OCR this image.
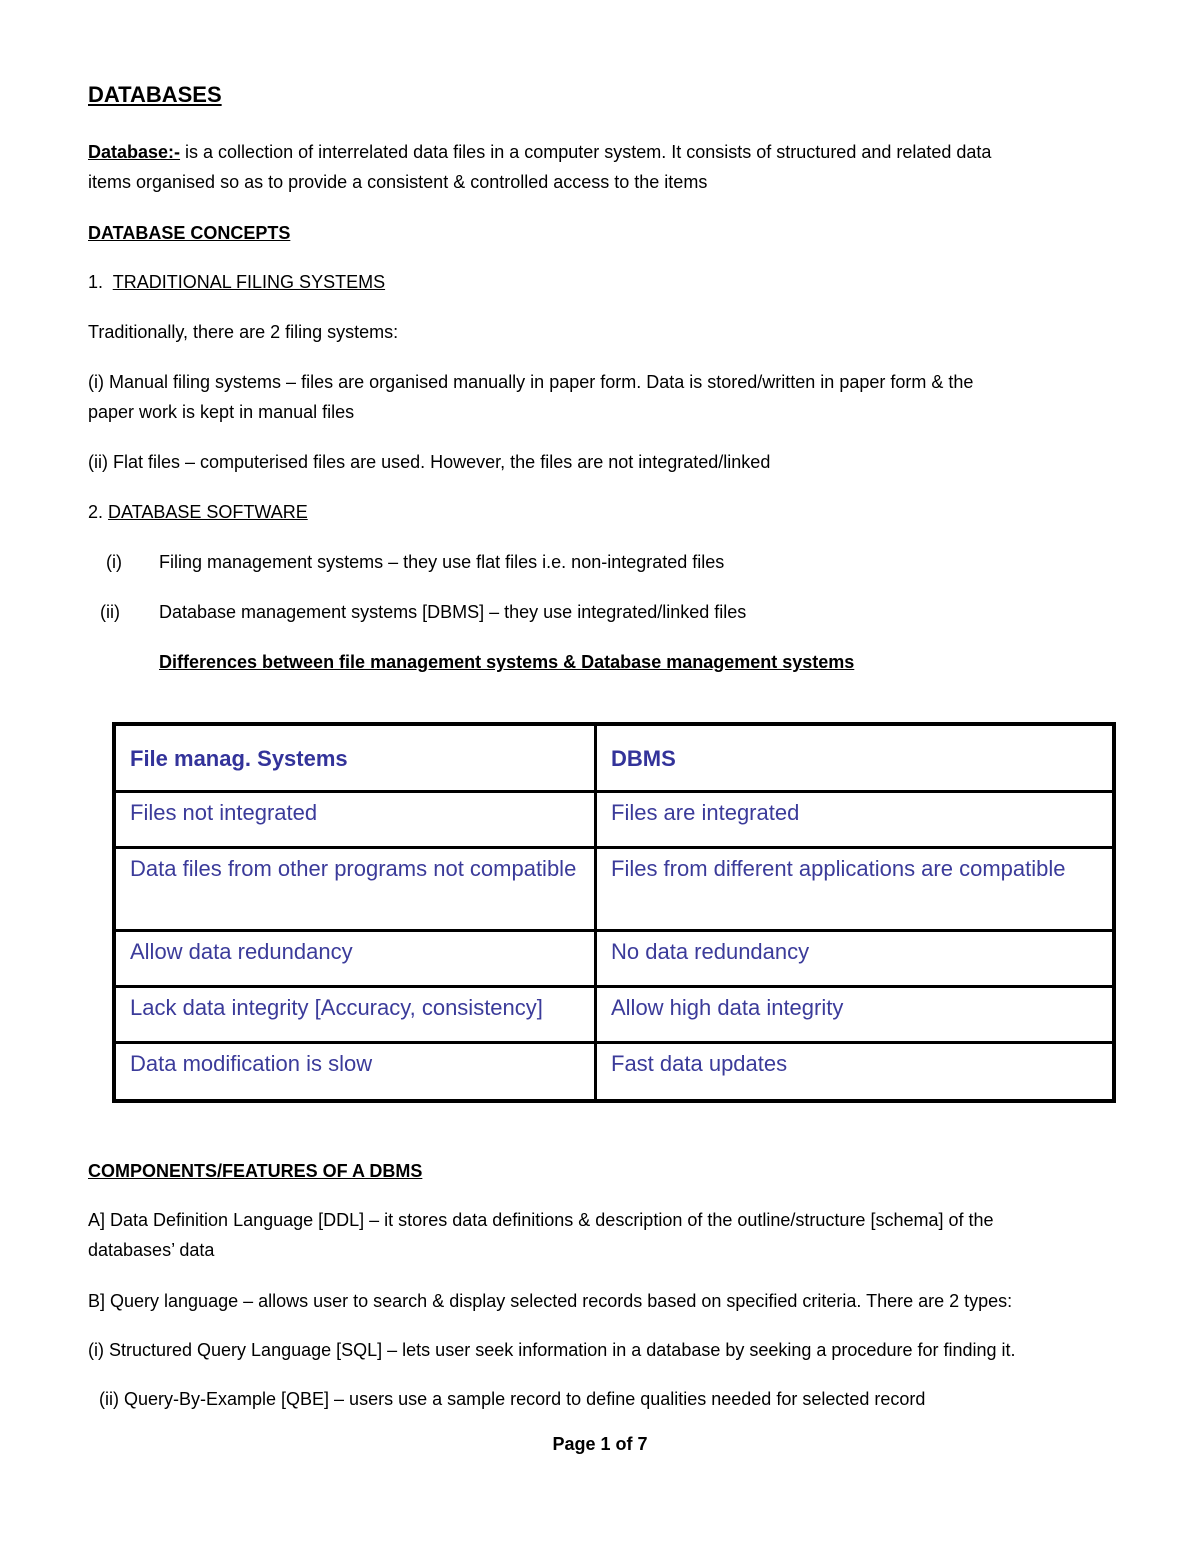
DATABASES
Database:- is a collection of interrelated data files in a computer system. It consists of structured and related data
items organised so as to provide a consistent & controlled access to the items
DATABASE CONCEPTS
1. TRADITIONAL FILING SYSTEMS
Traditionally, there are 2 filing systems:
(i) Manual filing systems – files are organised manually in paper form. Data is stored/written in paper form & the
paper work is kept in manual files
(ii) Flat files – computerised files are used. However, the files are not integrated/linked
2. DATABASE SOFTWARE
(i) Filing management systems – they use flat files i.e. non-integrated files
(ii) Database management systems [DBMS] – they use integrated/linked files
Differences between file management systems & Database management systems
File manag. Systems	DBMS
Files not integrated	Files are integrated
Data files from other programs not compatible	Files from different applications are compatible
Allow data redundancy	No data redundancy
Lack data integrity [Accuracy, consistency]	Allow high data integrity
Data modification is slow	Fast data updates
COMPONENTS/FEATURES OF A DBMS
A] Data Definition Language [DDL] – it stores data definitions & description of the outline/structure [schema] of the
databases’ data
B] Query language – allows user to search & display selected records based on specified criteria. There are 2 types:
(i) Structured Query Language [SQL] – lets user seek information in a database by seeking a procedure for finding it.
(ii) Query-By-Example [QBE] – users use a sample record to define qualities needed for selected record
Page 1 of 7
